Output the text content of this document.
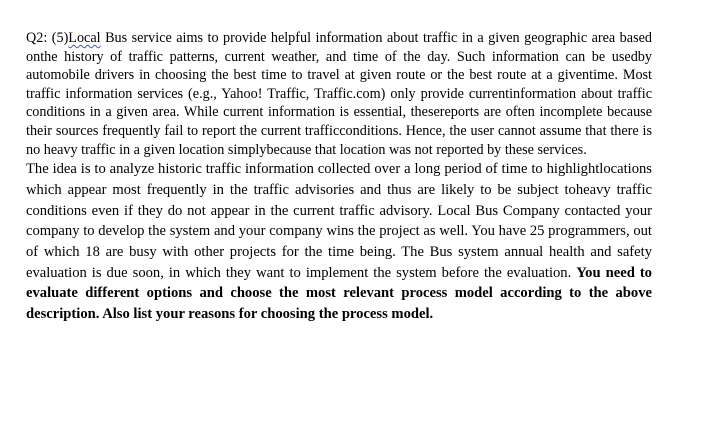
Q2: (5)Local Bus service aims to provide helpful information about traffic in a given geographic area based onthe history of traffic patterns, current weather, and time of the day. Such information can be usedby automobile drivers in choosing the best time to travel at given route or the best route at a giventime. Most traffic information services (e.g., Yahoo! Traffic, Traffic.com) only provide currentinformation about traffic conditions in a given area. While current information is essential, thesereports are often incomplete because their sources frequently fail to report the current trafficconditions. Hence, the user cannot assume that there is no heavy traffic in a given location simplybecause that location was not reported by these services.

The idea is to analyze historic traffic information collected over a long period of time to highlightlocations which appear most frequently in the traffic advisories and thus are likely to be subject toheavy traffic conditions even if they do not appear in the current traffic advisory. Local Bus Company contacted your company to develop the system and your company wins the project as well. You have 25 programmers, out of which 18 are busy with other projects for the time being. The Bus system annual health and safety evaluation is due soon, in which they want to implement the system before the evaluation. You need to evaluate different options and choose the most relevant process model according to the above description. Also list your reasons for choosing the process model.
